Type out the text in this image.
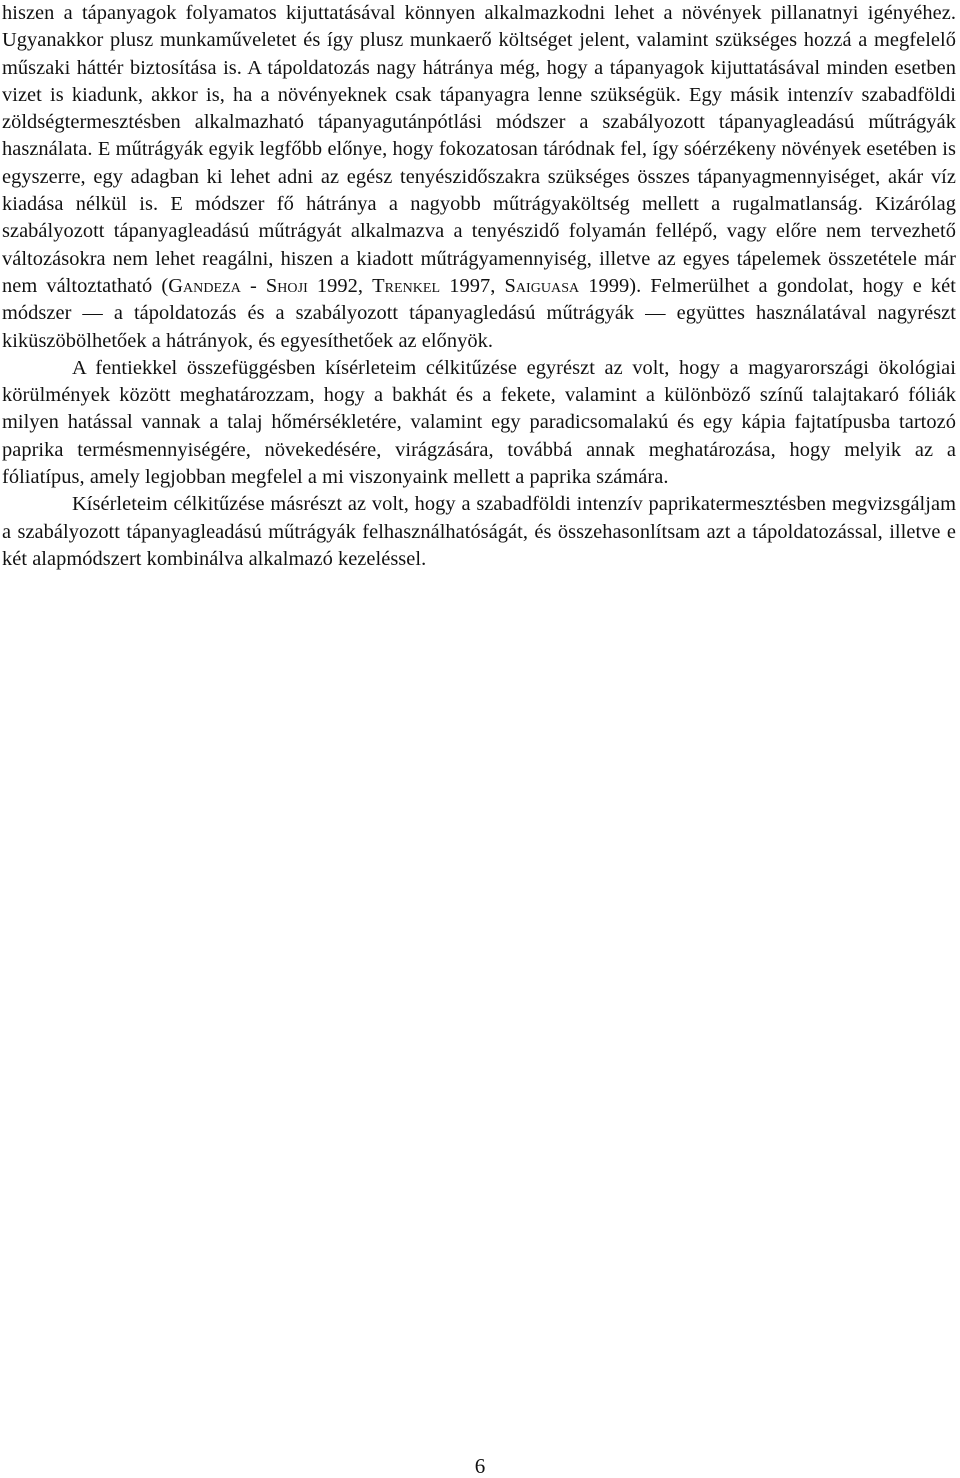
hiszen a tápanyagok folyamatos kijuttatásával könnyen alkalmazkodni lehet a növények pillanatnyi igényéhez. Ugyanakkor plusz munkaműveletet és így plusz munkaerő költséget jelent, valamint szükséges hozzá a megfelelő műszaki háttér biztosítása is. A tápoldatozás nagy hátránya még, hogy a tápanyagok kijuttatásával minden esetben vizet is kiadunk, akkor is, ha a növényeknek csak tápanyagra lenne szükségük. Egy másik intenzív szabadföldi zöldségtermesztésben alkalmazható tápanyagutánpótlási módszer a szabályozott tápanyagleadású műtrágyák használata. E műtrágyák egyik legfőbb előnye, hogy fokozatosan táródnak fel, így sóérzékeny növények esetében is egyszerre, egy adagban ki lehet adni az egész tenyészidőszakra szükséges összes tápanyagmennyiséget, akár víz kiadása nélkül is. E módszer fő hátránya a nagyobb műtrágyaköltség mellett a rugalmatlanság. Kizárólag szabályozott tápanyagleadású műtrágyát alkalmazva a tenyészidő folyamán fellépő, vagy előre nem tervezhető változásokra nem lehet reagálni, hiszen a kiadott műtrágyamennyiség, illetve az egyes tápelemek összetétele már nem változtatható (Gandeza - Shoji 1992, Trenkel 1997, Saiguasa 1999). Felmerülhet a gondolat, hogy e két módszer — a tápoldatozás és a szabályozott tápanyagledású műtrágyák — együttes használatával nagyrészt kiküszöbölhetőek a hátrányok, és egyesíthetőek az előnyök.

A fentiekkel összefüggésben kísérleteim célkitűzése egyrészt az volt, hogy a magyarországi ökológiai körülmények között meghatározzam, hogy a bakhát és a fekete, valamint a különböző színű talajtakaró fóliák milyen hatással vannak a talaj hőmérsékletére, valamint egy paradicsomalakú és egy kápia fajtatípusba tartozó paprika termésmennyiségére, növekedésére, virágzására, továbbá annak meghatározása, hogy melyik az a fóliatípus, amely legjobban megfelel a mi viszonyaink mellett a paprika számára.

Kísérleteim célkitűzése másrészt az volt, hogy a szabadföldi intenzív paprikatermesztésben megvizsgáljam a szabályozott tápanyagleadású műtrágyák felhasználhatóságát, és összehasonlítsam azt a tápoldatozással, illetve e két alapmódszert kombinálva alkalmazó kezeléssel.

6
